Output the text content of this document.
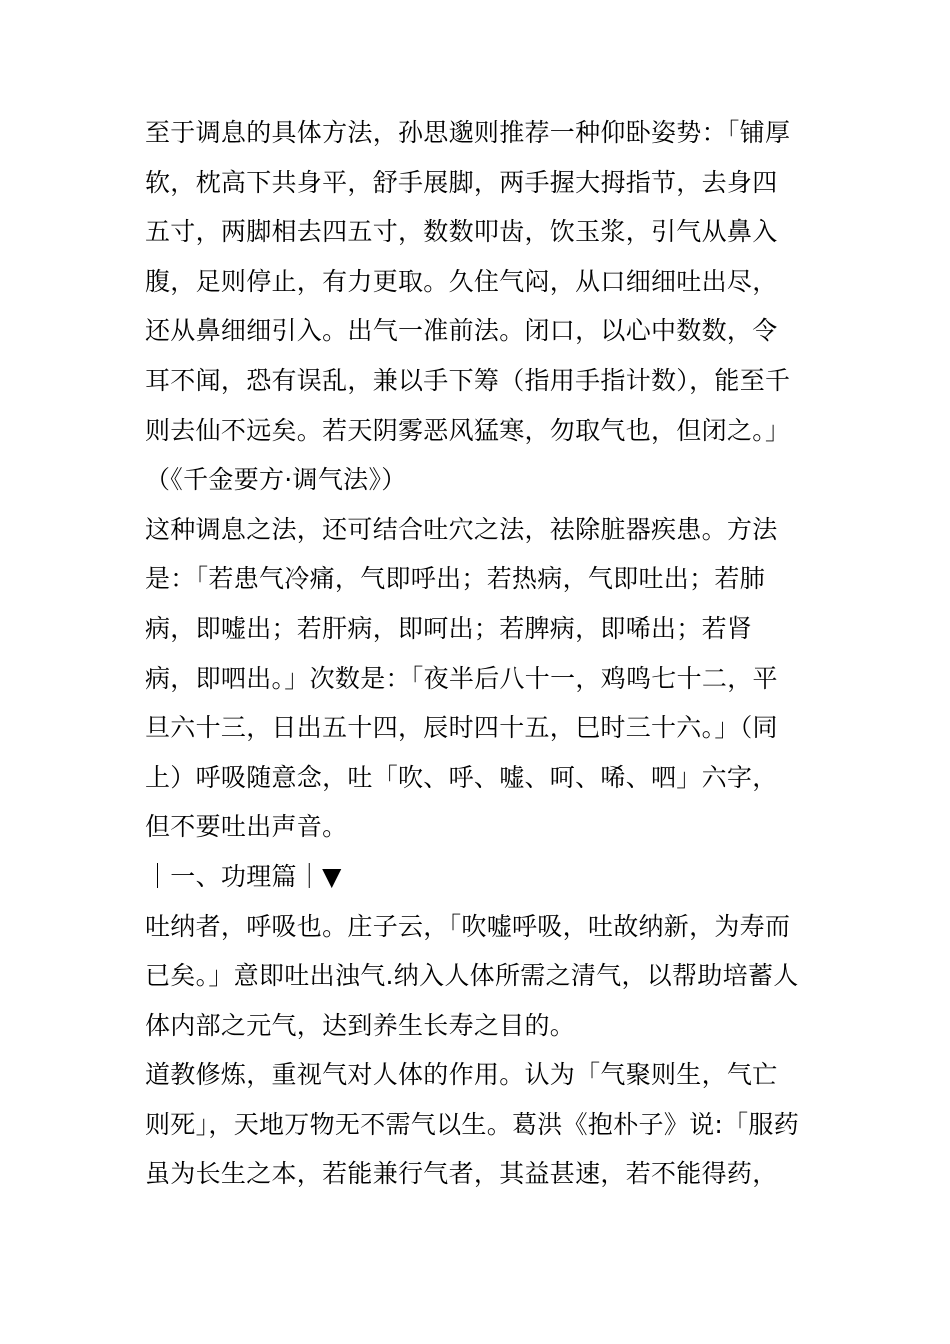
至于调息的具体方法，孙思邈则推荐一种仰卧姿势：「铺厚
软，枕高下共身平，舒手展脚，两手握大拇指节，去身四
五寸，两脚相去四五寸，数数叩齿，饮玉浆，引气从鼻入
腹，足则停止，有力更取。久住气闷，从口细细吐出尽，
还从鼻细细引入。出气一准前法。闭口，以心中数数，令
耳不闻，恐有误乱，兼以手下筹（指用手指计数），能至千
则去仙不远矣。若天阴雾恶风猛寒，勿取气也，但闭之。」
（《千金要方·调气法》）
这种调息之法，还可结合吐穴之法，祛除脏器疾患。方法
是：「若患气冷痛，气即呼出；若热病，气即吐出；若肺
病，即嘘出；若肝病，即呵出；若脾病，即唏出；若肾
病，即呬出。」次数是：「夜半后八十一，鸡鸣七十二，平
旦六十三，日出五十四，辰时四十五，巳时三十六。」（同
上）呼吸随意念，吐「吹、呼、嘘、呵、唏、呬」六字，
但不要吐出声音。
｜一、功理篇｜▼
吐纳者，呼吸也。庄子云，「吹嘘呼吸，吐故纳新，为寿而
已矣。」意即吐出浊气.纳入人体所需之清气，以帮助培蓄人
体内部之元气，达到养生长寿之目的。
道教修炼，重视气对人体的作用。认为「气聚则生，气亡
则死」，天地万物无不需气以生。葛洪《抱朴子》说:「服药
虽为长生之本，若能兼行气者，其益甚速，若不能得药，
